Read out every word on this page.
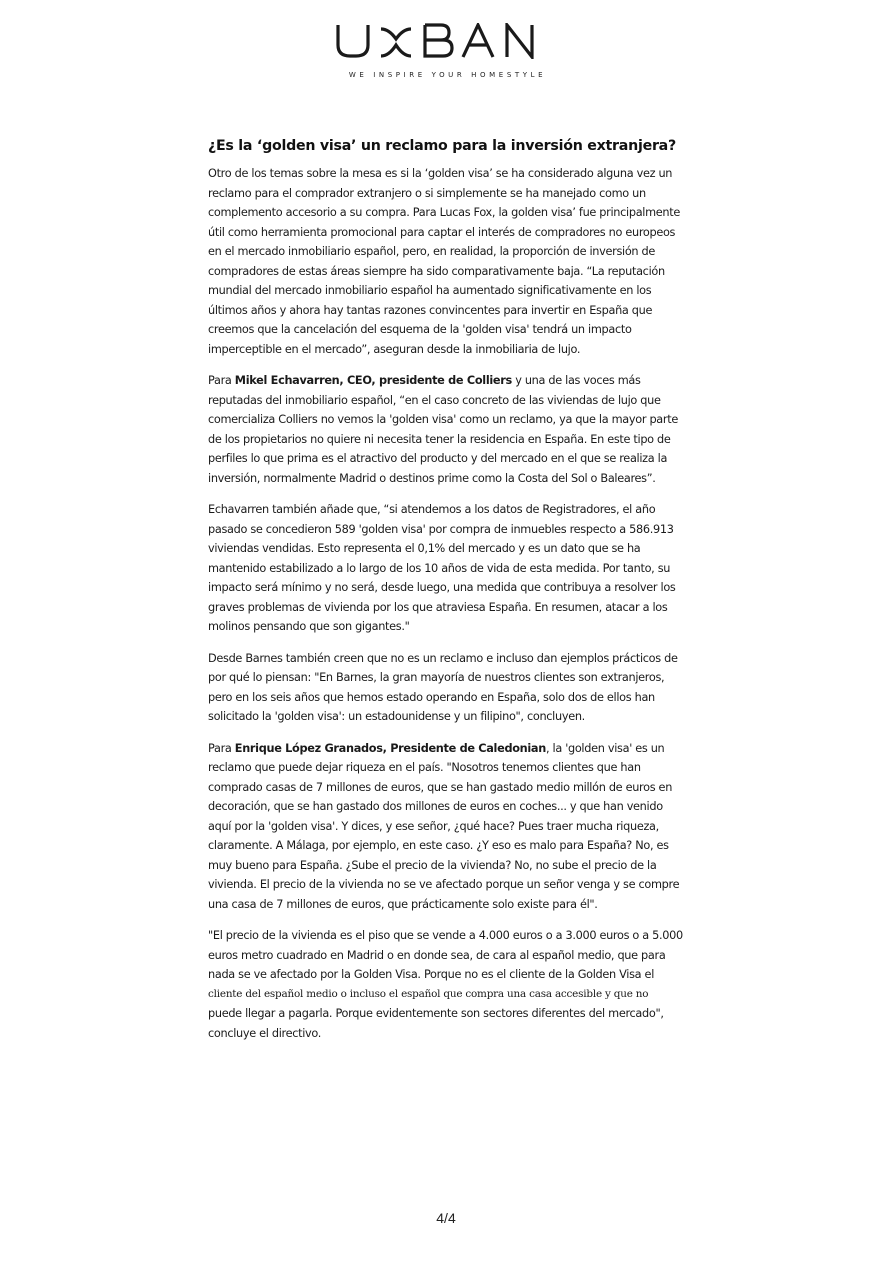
WE INSPIRE YOUR HOMESTYLE
¿Es la ‘golden visa’ un reclamo para la inversión extranjera?

Otro de los temas sobre la mesa es si la ‘golden visa’ se ha considerado alguna vez un
reclamo para el comprador extranjero o si simplemente se ha manejado como un
complemento accesorio a su compra. Para Lucas Fox, la golden visa’ fue principalmente
útil como herramienta promocional para captar el interés de compradores no europeos
en el mercado inmobiliario español, pero, en realidad, la proporción de inversión de
compradores de estas áreas siempre ha sido comparativamente baja. “La reputación
mundial del mercado inmobiliario español ha aumentado significativamente en los
últimos años y ahora hay tantas razones convincentes para invertir en España que
creemos que la cancelación del esquema de la 'golden visa' tendrá un impacto
imperceptible en el mercado”, aseguran desde la inmobiliaria de lujo.

Para Mikel Echavarren, CEO, presidente de Colliers y una de las voces más
reputadas del inmobiliario español, “en el caso concreto de las viviendas de lujo que
comercializa Colliers no vemos la 'golden visa' como un reclamo, ya que la mayor parte
de los propietarios no quiere ni necesita tener la residencia en España. En este tipo de
perfiles lo que prima es el atractivo del producto y del mercado en el que se realiza la
inversión, normalmente Madrid o destinos prime como la Costa del Sol o Baleares”.

Echavarren también añade que, “si atendemos a los datos de Registradores, el año
pasado se concedieron 589 'golden visa' por compra de inmuebles respecto a 586.913
viviendas vendidas. Esto representa el 0,1% del mercado y es un dato que se ha
mantenido estabilizado a lo largo de los 10 años de vida de esta medida. Por tanto, su
impacto será mínimo y no será, desde luego, una medida que contribuya a resolver los
graves problemas de vivienda por los que atraviesa España. En resumen, atacar a los
molinos pensando que son gigantes."

Desde Barnes también creen que no es un reclamo e incluso dan ejemplos prácticos de
por qué lo piensan: "En Barnes, la gran mayoría de nuestros clientes son extranjeros,
pero en los seis años que hemos estado operando en España, solo dos de ellos han
solicitado la 'golden visa': un estadounidense y un filipino", concluyen.

Para Enrique López Granados, Presidente de Caledonian, la 'golden visa' es un
reclamo que puede dejar riqueza en el país. "Nosotros tenemos clientes que han
comprado casas de 7 millones de euros, que se han gastado medio millón de euros en
decoración, que se han gastado dos millones de euros en coches... y que han venido
aquí por la 'golden visa'. Y dices, y ese señor, ¿qué hace? Pues traer mucha riqueza,
claramente. A Málaga, por ejemplo, en este caso. ¿Y eso es malo para España? No, es
muy bueno para España. ¿Sube el precio de la vivienda? No, no sube el precio de la
vivienda. El precio de la vivienda no se ve afectado porque un señor venga y se compre
una casa de 7 millones de euros, que prácticamente solo existe para él".

"El precio de la vivienda es el piso que se vende a 4.000 euros o a 3.000 euros o a 5.000
euros metro cuadrado en Madrid o en donde sea, de cara al español medio, que para
nada se ve afectado por la Golden Visa. Porque no es el cliente de la Golden Visa el
cliente del español medio o incluso el español que compra una casa accesible y que no
puede llegar a pagarla. Porque evidentemente son sectores diferentes del mercado",
concluye el directivo.

4/4
